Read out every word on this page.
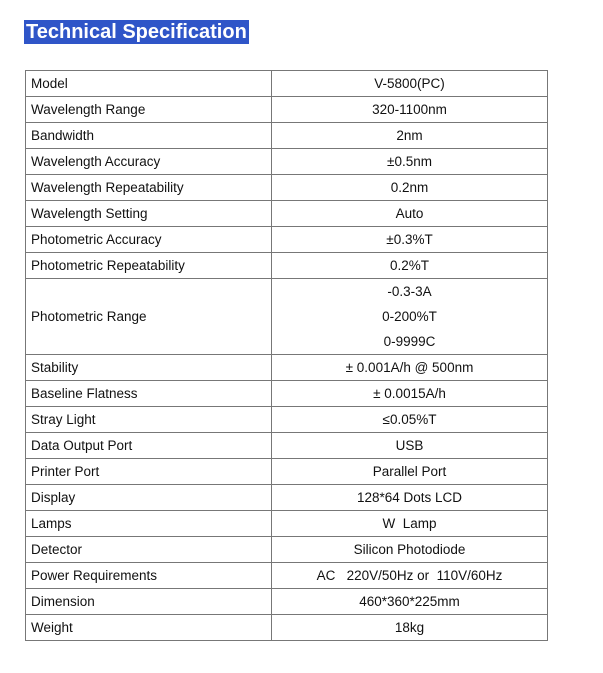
Technical Specification
Model	V-5800(PC)
Wavelength Range	320-1100nm
Bandwidth	2nm
Wavelength Accuracy	±0.5nm
Wavelength Repeatability	0.2nm
Wavelength Setting	Auto
Photometric Accuracy	±0.3%T
Photometric Repeatability	0.2%T
Photometric Range	-0.3-3A
0-200%T
0-9999C

Stability	± 0.001A/h @ 500nm
Baseline Flatness	± 0.0015A/h
Stray Light	≤0.05%T
Data Output Port	USB
Printer Port	Parallel Port
Display	128*64 Dots LCD
Lamps	W  Lamp
Detector	Silicon Photodiode
Power Requirements	AC   220V/50Hz or  110V/60Hz
Dimension	460*360*225mm
Weight	18kg
